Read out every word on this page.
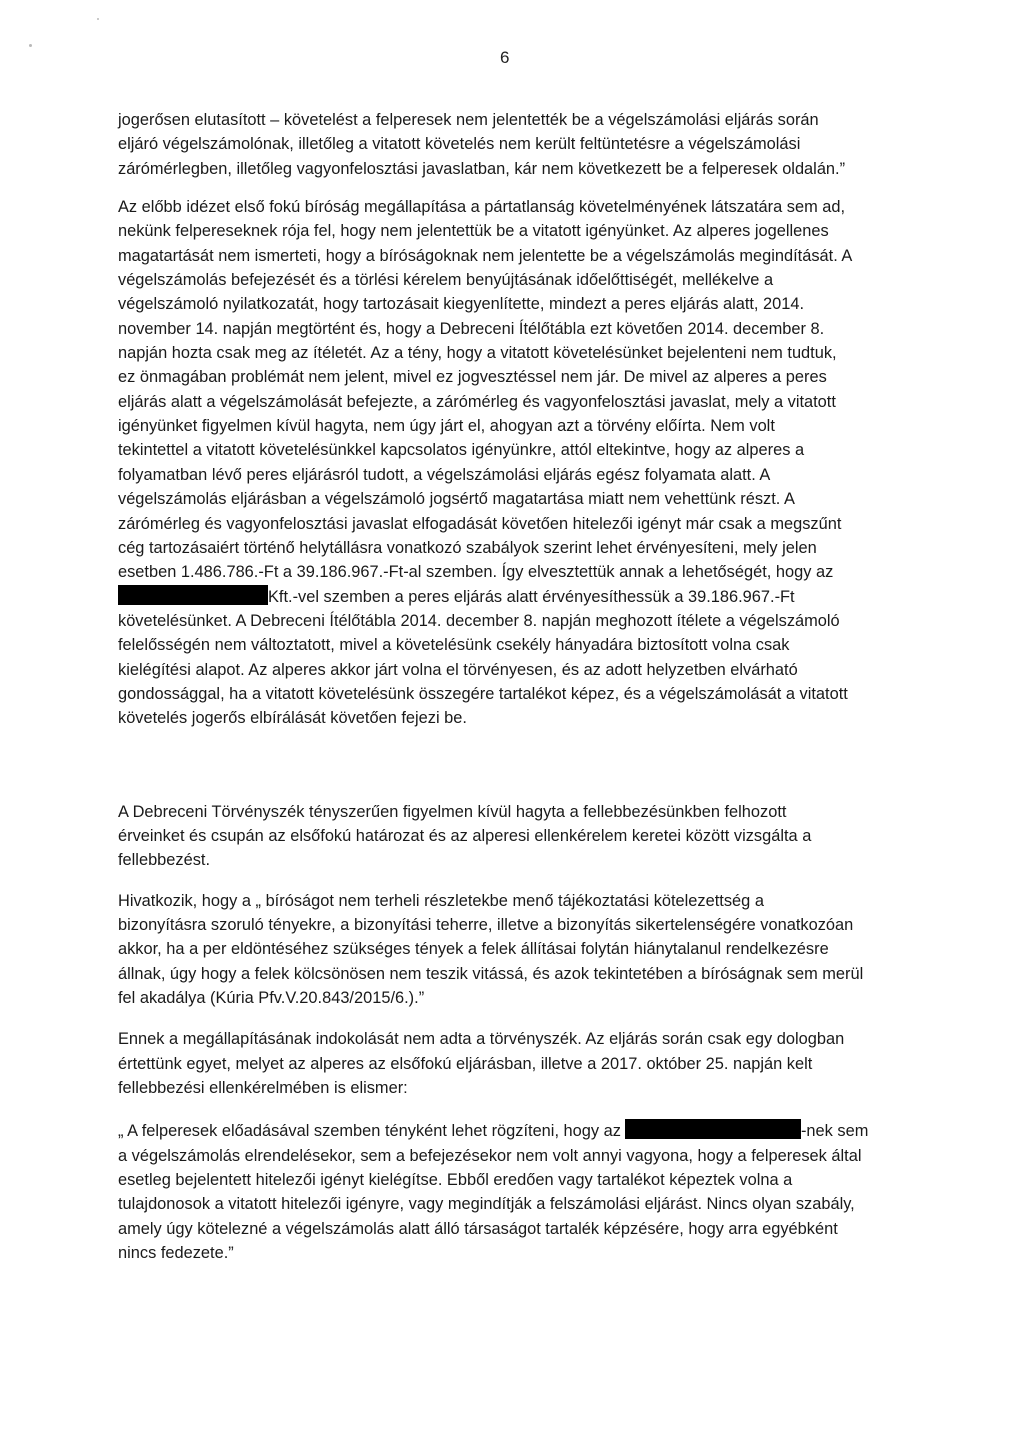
6
jogerősen elutasított – követelést a felperesek nem jelentették be a végelszámolási eljárás során
eljáró végelszámolónak, illetőleg a vitatott követelés nem került feltüntetésre a végelszámolási
zárómérlegben, illetőleg vagyonfelosztási javaslatban, kár nem következett be a felperesek oldalán.”
Az előbb idézet első fokú bíróság megállapítása a pártatlanság követelményének látszatára sem ad,
nekünk felpereseknek rója fel, hogy nem jelentettük be a vitatott igényünket. Az alperes jogellenes
magatartását nem ismerteti, hogy a bíróságoknak nem jelentette be a végelszámolás megindítását. A
végelszámolás befejezését és a törlési kérelem benyújtásának időelőttiségét, mellékelve a
végelszámoló nyilatkozatát, hogy tartozásait kiegyenlítette, mindezt a peres eljárás alatt, 2014.
november 14. napján megtörtént és, hogy a Debreceni Ítélőtábla ezt követően 2014. december 8.
napján hozta csak meg az ítéletét. Az a tény, hogy a vitatott követelésünket bejelenteni nem tudtuk,
ez önmagában problémát nem jelent, mivel ez jogvesztéssel nem jár. De mivel az alperes a peres
eljárás alatt a végelszámolását befejezte, a zárómérleg és vagyonfelosztási javaslat, mely a vitatott
igényünket figyelmen kívül hagyta, nem úgy járt el, ahogyan azt a törvény előírta. Nem volt
tekintettel a vitatott követelésünkkel kapcsolatos igényünkre, attól eltekintve, hogy az alperes a
folyamatban lévő peres eljárásról tudott, a végelszámolási eljárás egész folyamata alatt. A
végelszámolás eljárásban a végelszámoló jogsértő magatartása miatt nem vehettünk részt. A
zárómérleg és vagyonfelosztási javaslat elfogadását követően hitelezői igényt már csak a megszűnt
cég tartozásaiért történő helytállásra vonatkozó szabályok szerint lehet érvényesíteni, mely jelen
esetben 1.486.786.-Ft a 39.186.967.-Ft-al szemben. Így elvesztettük annak a lehetőségét, hogy az
Kft.-vel szemben a peres eljárás alatt érvényesíthessük a 39.186.967.-Ft
követelésünket. A Debreceni Ítélőtábla 2014. december 8. napján meghozott ítélete a végelszámoló
felelősségén nem változtatott, mivel a követelésünk csekély hányadára biztosított volna csak
kielégítési alapot. Az alperes akkor járt volna el törvényesen, és az adott helyzetben elvárható
gondossággal, ha a vitatott követelésünk összegére tartalékot képez, és a végelszámolását a vitatott
követelés jogerős elbírálását követően fejezi be.
A Debreceni Törvényszék tényszerűen figyelmen kívül hagyta a fellebbezésünkben felhozott
érveinket és csupán az elsőfokú határozat és az alperesi ellenkérelem keretei között vizsgálta a
fellebbezést.
Hivatkozik, hogy a „ bíróságot nem terheli részletekbe menő tájékoztatási kötelezettség a
bizonyításra szoruló tényekre, a bizonyítási teherre, illetve a bizonyítás sikertelenségére vonatkozóan
akkor, ha a per eldöntéséhez szükséges tények a felek állításai folytán hiánytalanul rendelkezésre
állnak, úgy hogy a felek kölcsönösen nem teszik vitássá, és azok tekintetében a bíróságnak sem merül
fel akadálya (Kúria Pfv.V.20.843/2015/6.).”
Ennek a megállapításának indokolását nem adta a törvényszék. Az eljárás során csak egy dologban
értettünk egyet, melyet az alperes az elsőfokú eljárásban, illetve a 2017. október 25. napján kelt
fellebbezési ellenkérelmében is elismer:
„ A felperesek előadásával szemben tényként lehet rögzíteni, hogy az	-nek sem
a végelszámolás elrendelésekor, sem a befejezésekor nem volt annyi vagyona, hogy a felperesek által
esetleg bejelentett hitelezői igényt kielégítse. Ebből eredően vagy tartalékot képeztek volna a
tulajdonosok a vitatott hitelezői igényre, vagy megindítják a felszámolási eljárást. Nincs olyan szabály,
amely úgy kötelezné a végelszámolás alatt álló társaságot tartalék képzésére, hogy arra egyébként
nincs fedezete.”
